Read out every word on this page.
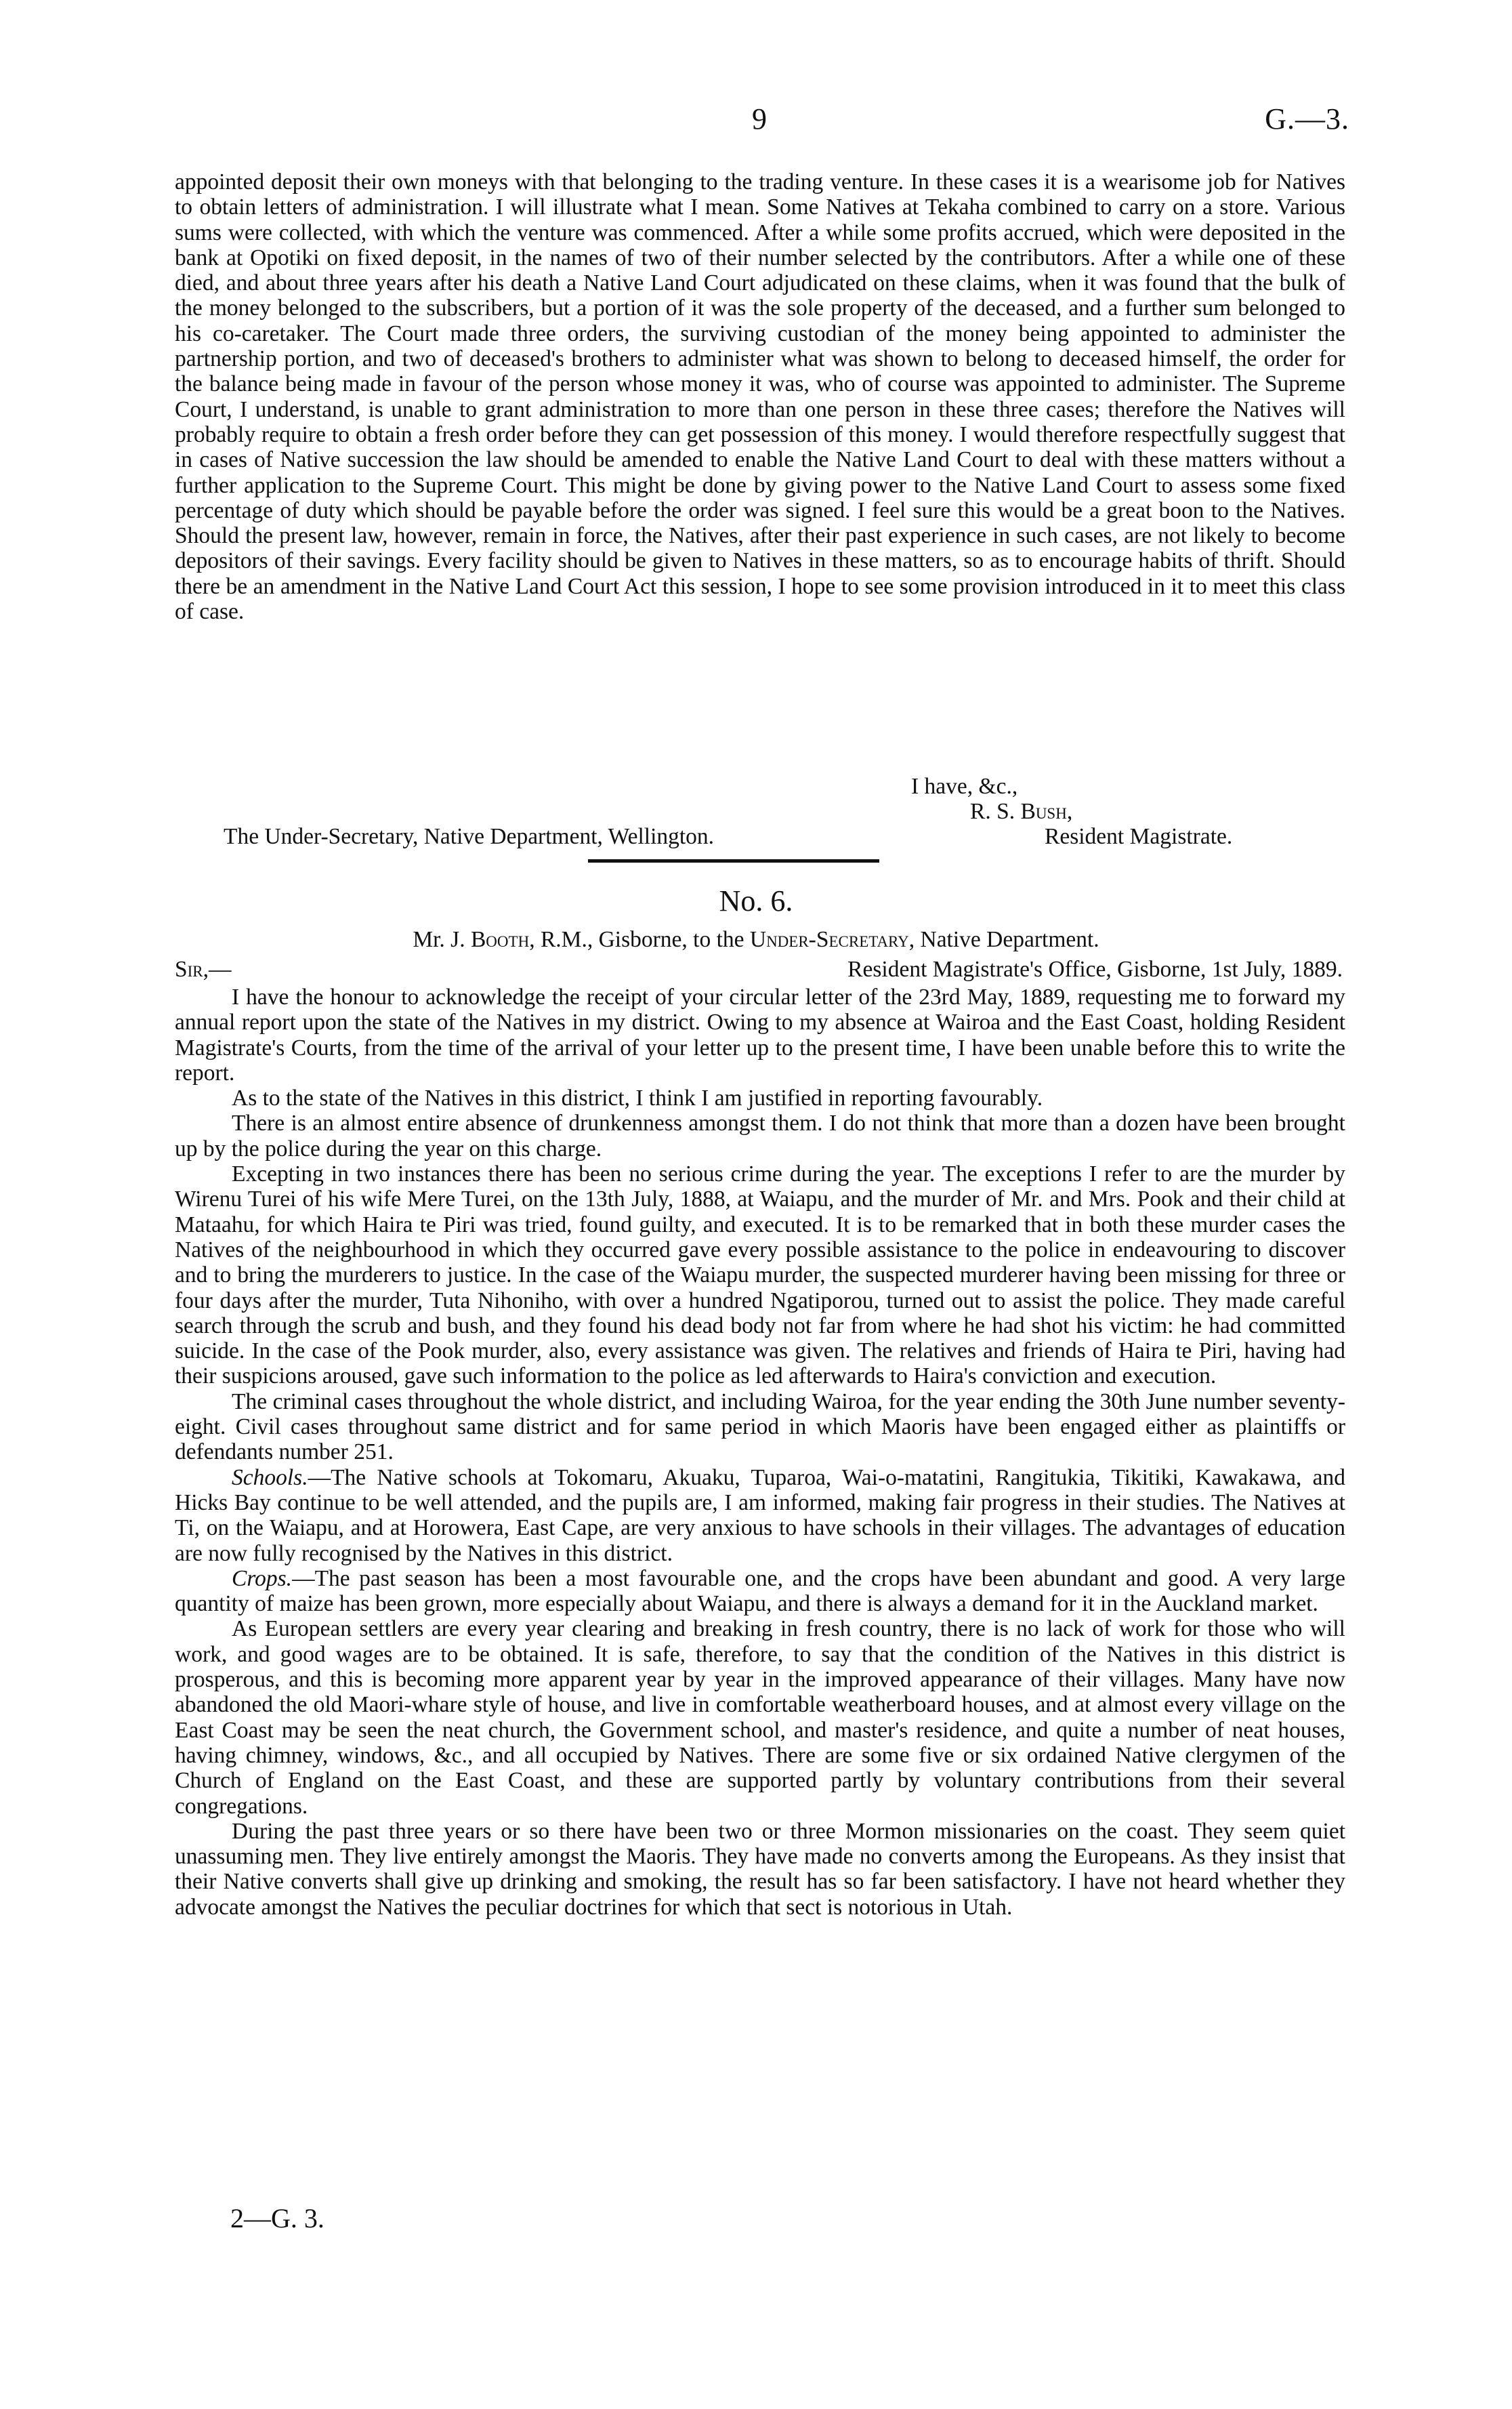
9	G.—3.

appointed deposit their own moneys with that belonging to the trading venture. In these cases it is a wearisome job for Natives to obtain letters of administration. I will illustrate what I mean. Some Natives at Tekaha combined to carry on a store. Various sums were collected, with which the venture was commenced. After a while some profits accrued, which were deposited in the bank at Opotiki on fixed deposit, in the names of two of their number selected by the contributors. After a while one of these died, and about three years after his death a Native Land Court adjudicated on these claims, when it was found that the bulk of the money belonged to the subscribers, but a portion of it was the sole property of the deceased, and a further sum belonged to his co-caretaker. The Court made three orders, the surviving custodian of the money being appointed to administer the partnership portion, and two of deceased's brothers to administer what was shown to belong to deceased himself, the order for the balance being made in favour of the person whose money it was, who of course was appointed to administer. The Supreme Court, I understand, is unable to grant administration to more than one person in these three cases; therefore the Natives will probably require to obtain a fresh order before they can get possession of this money. I would therefore respectfully suggest that in cases of Native succession the law should be amended to enable the Native Land Court to deal with these matters without a further application to the Supreme Court. This might be done by giving power to the Native Land Court to assess some fixed percentage of duty which should be payable before the order was signed. I feel sure this would be a great boon to the Natives. Should the present law, however, remain in force, the Natives, after their past experience in such cases, are not likely to become depositors of their savings. Every facility should be given to Natives in these matters, so as to encourage habits of thrift. Should there be an amendment in the Native Land Court Act this session, I hope to see some provision introduced in it to meet this class of case.

I have, &c.,
R. S. Bush,
The Under-Secretary, Native Department, Wellington.	Resident Magistrate.
No. 6.
Mr. J. Booth, R.M., Gisborne, to the Under-Secretary, Native Department.
Sir,—	Resident Magistrate's Office, Gisborne, 1st July, 1889.

I have the honour to acknowledge the receipt of your circular letter of the 23rd May, 1889, requesting me to forward my annual report upon the state of the Natives in my district. Owing to my absence at Wairoa and the East Coast, holding Resident Magistrate's Courts, from the time of the arrival of your letter up to the present time, I have been unable before this to write the report.

As to the state of the Natives in this district, I think I am justified in reporting favourably.

There is an almost entire absence of drunkenness amongst them. I do not think that more than a dozen have been brought up by the police during the year on this charge.

Excepting in two instances there has been no serious crime during the year. The exceptions I refer to are the murder by Wirenu Turei of his wife Mere Turei, on the 13th July, 1888, at Waiapu, and the murder of Mr. and Mrs. Pook and their child at Mataahu, for which Haira te Piri was tried, found guilty, and executed. It is to be remarked that in both these murder cases the Natives of the neighbourhood in which they occurred gave every possible assistance to the police in endeavouring to discover and to bring the murderers to justice. In the case of the Waiapu murder, the suspected murderer having been missing for three or four days after the murder, Tuta Nihoniho, with over a hundred Ngatiporou, turned out to assist the police. They made careful search through the scrub and bush, and they found his dead body not far from where he had shot his victim: he had committed suicide. In the case of the Pook murder, also, every assistance was given. The relatives and friends of Haira te Piri, having had their suspicions aroused, gave such information to the police as led afterwards to Haira's conviction and execution.

The criminal cases throughout the whole district, and including Wairoa, for the year ending the 30th June number seventy-eight. Civil cases throughout same district and for same period in which Maoris have been engaged either as plaintiffs or defendants number 251.

Schools.—The Native schools at Tokomaru, Akuaku, Tuparoa, Wai-o-matatini, Rangitukia, Tikitiki, Kawakawa, and Hicks Bay continue to be well attended, and the pupils are, I am informed, making fair progress in their studies. The Natives at Ti, on the Waiapu, and at Horowera, East Cape, are very anxious to have schools in their villages. The advantages of education are now fully recognised by the Natives in this district.

Crops.—The past season has been a most favourable one, and the crops have been abundant and good. A very large quantity of maize has been grown, more especially about Waiapu, and there is always a demand for it in the Auckland market.

As European settlers are every year clearing and breaking in fresh country, there is no lack of work for those who will work, and good wages are to be obtained. It is safe, therefore, to say that the condition of the Natives in this district is prosperous, and this is becoming more apparent year by year in the improved appearance of their villages. Many have now abandoned the old Maori-whare style of house, and live in comfortable weatherboard houses, and at almost every village on the East Coast may be seen the neat church, the Government school, and master's residence, and quite a number of neat houses, having chimney, windows, &c., and all occupied by Natives. There are some five or six ordained Native clergymen of the Church of England on the East Coast, and these are supported partly by voluntary contributions from their several congregations.

During the past three years or so there have been two or three Mormon missionaries on the coast. They seem quiet unassuming men. They live entirely amongst the Maoris. They have made no converts among the Europeans. As they insist that their Native converts shall give up drinking and smoking, the result has so far been satisfactory. I have not heard whether they advocate amongst the Natives the peculiar doctrines for which that sect is notorious in Utah.

2—G. 3.
